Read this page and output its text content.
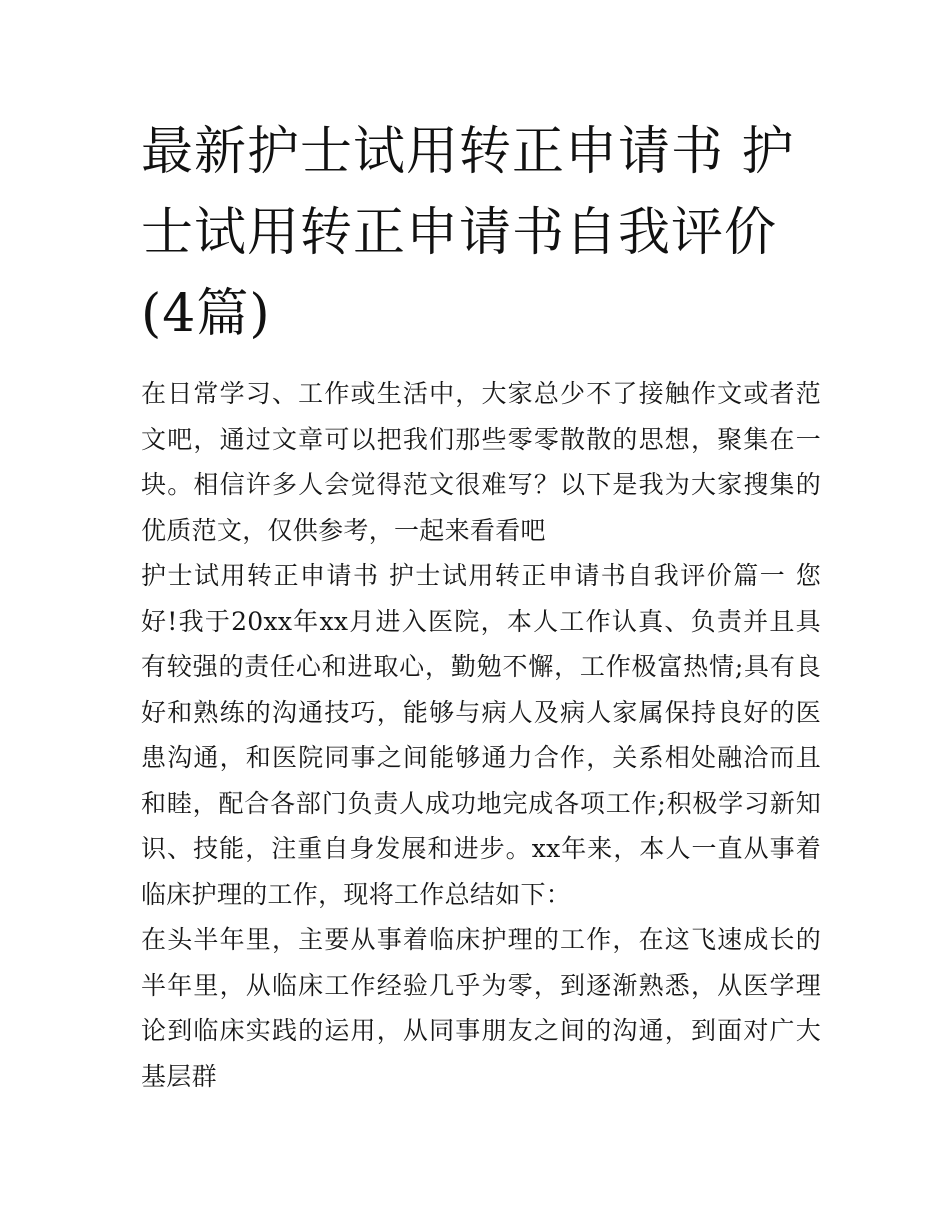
最新护士试用转正申请书 护士试用转正申请书自我评价(4篇)

在日常学习、工作或生活中，大家总少不了接触作文或者范文吧，通过文章可以把我们那些零零散散的思想，聚集在一块。相信许多人会觉得范文很难写？以下是我为大家搜集的优质范文，仅供参考，一起来看看吧

护士试用转正申请书 护士试用转正申请书自我评价篇一 您好!我于20xx年xx月进入医院，本人工作认真、负责并且具有较强的责任心和进取心，勤勉不懈，工作极富热情;具有良好和熟练的沟通技巧，能够与病人及病人家属保持良好的医患沟通，和医院同事之间能够通力合作，关系相处融洽而且和睦，配合各部门负责人成功地完成各项工作;积极学习新知识、技能，注重自身发展和进步。xx年来，本人一直从事着临床护理的工作，现将工作总结如下：

在头半年里，主要从事着临床护理的工作，在这飞速成长的半年里，从临床工作经验几乎为零，到逐渐熟悉，从医学理论到临床实践的运用，从同事朋友之间的沟通，到面对广大基层群
